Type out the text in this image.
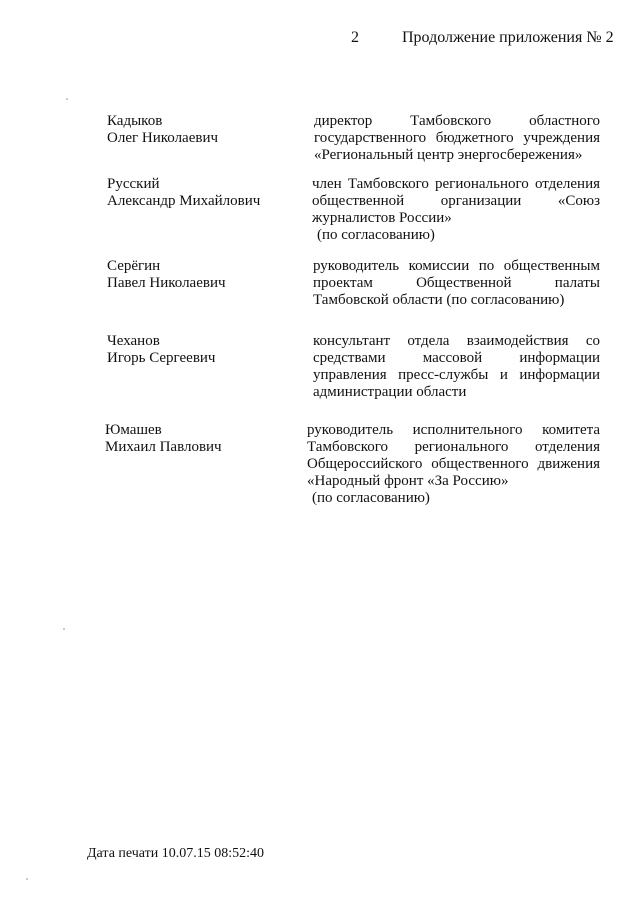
2	Продолжение приложения № 2
Кадыков
Олег Николаевич
директор Тамбовского областного
государственного бюджетного учреждения
«Региональный центр энергосбережения»
Русский
Александр Михайлович
член Тамбовского регионального отделения
общественной организации «Союз
журналистов России»
(по согласованию)
Серёгин
Павел Николаевич
руководитель комиссии по общественным
проектам Общественной палаты
Тамбовской области (по согласованию)
Чеханов
Игорь Сергеевич
консультант отдела взаимодействия со
средствами массовой информации
управления пресс-службы и информации
администрации области
Юмашев
Михаил Павлович
руководитель исполнительного комитета
Тамбовского регионального отделения
Общероссийского общественного движения
«Народный фронт «За Россию»
(по согласованию)
Дата печати 10.07.15 08:52:40
